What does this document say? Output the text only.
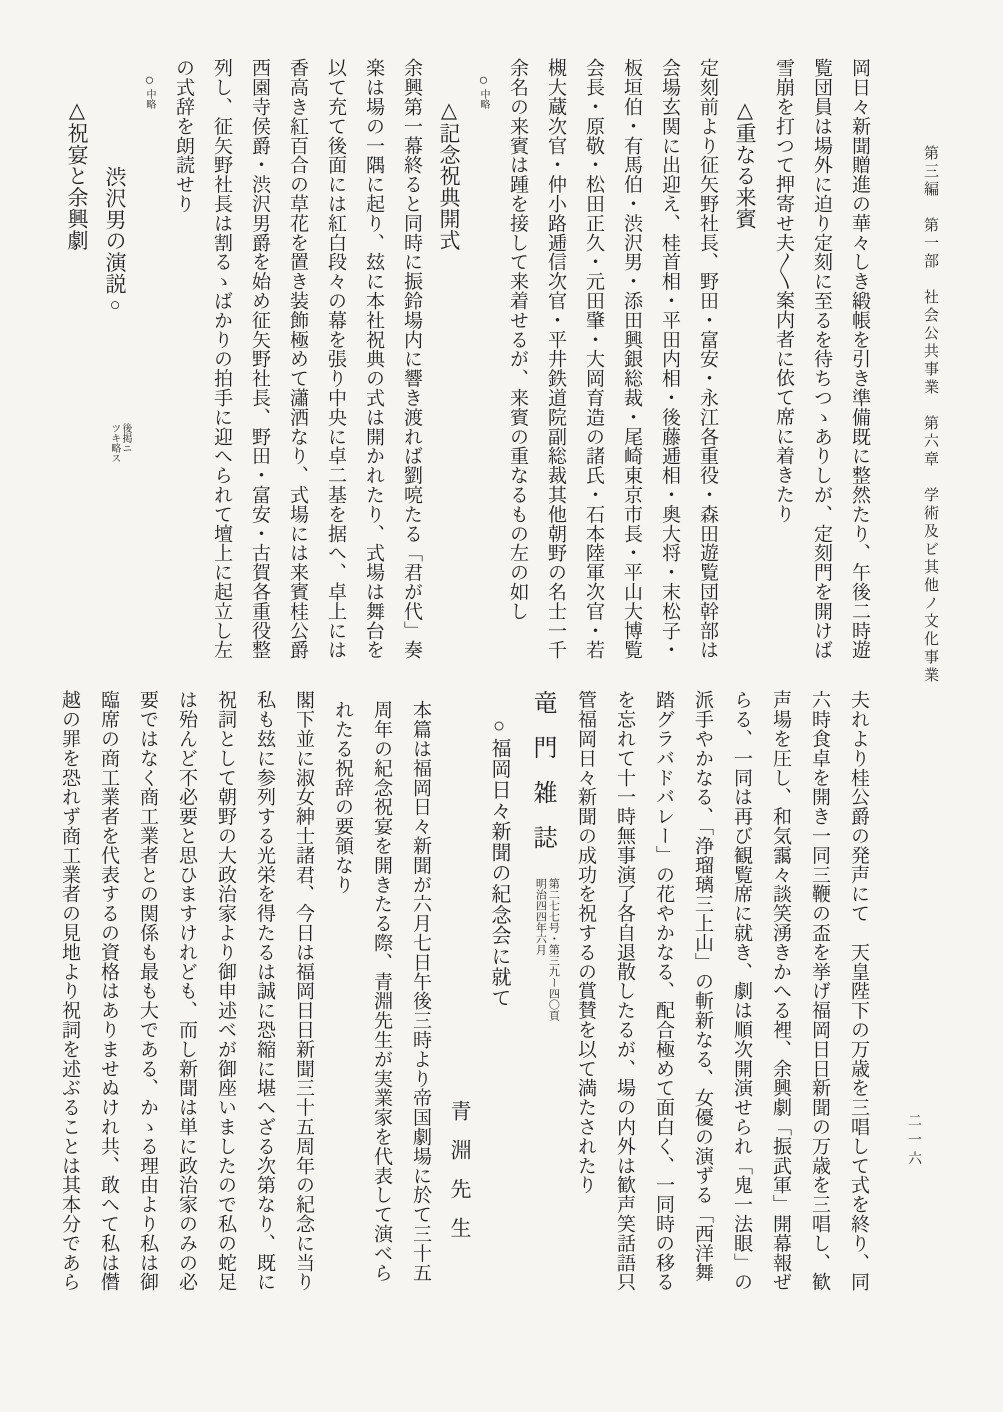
第三編　第一部　社会公共事業　第六章　学術及ビ其他ノ文化事業
二一六
岡日々新聞贈進の華々しき緞帳を引き準備既に整然たり、午後二時遊
覧団員は場外に迫り定刻に至るを待ちつゝありしが、定刻門を開けば
雪崩を打つて押寄せ夫〳〵案内者に依て席に着きたり
△重なる来賓
定刻前より征矢野社長、野田・富安・永江各重役・森田遊覧団幹部は
会場玄関に出迎え、桂首相・平田内相・後藤逓相・奥大将・末松子・
板垣伯・有馬伯・渋沢男・添田興銀総裁・尾崎東京市長・平山大博覧
会長・原敬・松田正久・元田肇・大岡育造の諸氏・石本陸軍次官・若
槻大蔵次官・仲小路逓信次官・平井鉄道院副総裁其他朝野の名士一千
余名の来賓は踵を接して来着せるが、来賓の重なるもの左の如し
○中略
△記念祝典開式
余興第一幕終ると同時に振鈴場内に響き渡れば劉喨たる「君が代」奏
楽は場の一隅に起り、玆に本社祝典の式は開かれたり、式場は舞台を
以て充て後面には紅白段々の幕を張り中央に卓二基を据へ、卓上には
香高き紅百合の草花を置き装飾極めて瀟洒なり、式場には来賓桂公爵
西園寺侯爵・渋沢男爵を始め征矢野社長、野田・富安・古賀各重役整
列し、征矢野社長は割るゝばかりの拍手に迎へられて壇上に起立し左
の式辞を朗読せり
○中略
渋沢男の演説○
後掲ニ
ツキ略ス
△祝宴と余興劇
夫れより桂公爵の発声にて　天皇陛下の万歳を三唱して式を終り、同
六時食卓を開き一同三鞭の盃を挙げ福岡日日新聞の万歳を三唱し、歓
声場を圧し、和気靄々談笑湧きかへる裡、余興劇「振武軍」開幕報ぜ
らる、一同は再び観覧席に就き、劇は順次開演せられ「鬼一法眼」の
派手やかなる、「浄瑠璃三上山」の斬新なる、女優の演ずる「西洋舞
踏グラバドバレー」の花やかなる、配合極めて面白く、一同時の移る
を忘れて十一時無事演了各自退散したるが、場の内外は歓声笑話語只
管福岡日々新聞の成功を祝するの賞賛を以て満たされたり
竜門雑誌
第二七七号・第三九ー四〇頁
明治四四年六月
○福岡日々新聞の紀念会に就て
青淵先生
本篇は福岡日々新聞が六月七日午後三時より帝国劇場に於て三十五
周年の紀念祝宴を開きたる際、青淵先生が実業家を代表して演べら
れたる祝辞の要領なり
閣下並に淑女紳士諸君、今日は福岡日日新聞三十五周年の紀念に当り
私も玆に参列する光栄を得たるは誠に恐縮に堪へざる次第なり、既に
祝詞として朝野の大政治家より御申述べが御座いましたので私の蛇足
は殆んど不必要と思ひますけれども、而し新聞は単に政治家のみの必
要ではなく商工業者との関係も最も大である、かゝる理由より私は御
臨席の商工業者を代表するの資格はありませぬけれ共、敢へて私は僭
越の罪を恐れず商工業者の見地より祝詞を述ぶることは其本分であら
